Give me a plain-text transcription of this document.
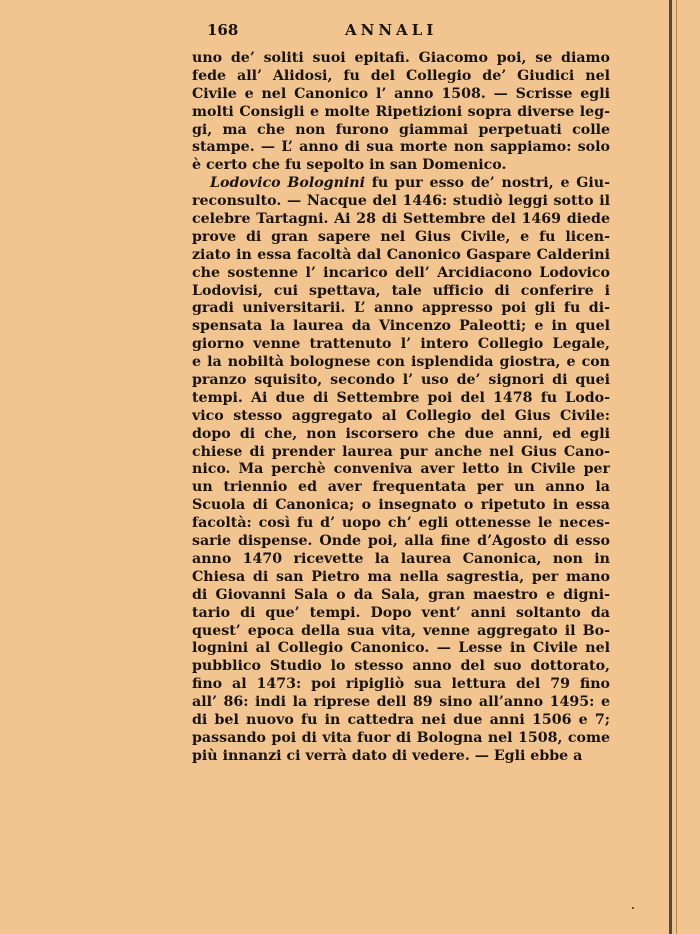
168	ANNALI
uno de’ soliti suoi epitafi. Giacomo poi, se diamo
fede all’ Alidosi, fu del Collegio de’ Giudici nel
Civile e nel Canonico l’ anno 1508. — Scrisse egli
molti Consigli e molte Ripetizioni sopra diverse leg-
gi, ma che non furono giammai perpetuati colle
stampe. — L’ anno di sua morte non sappiamo: solo
è certo che fu sepolto in san Domenico.
Lodovico Bolognini fu pur esso de’ nostri, e Giu-
reconsulto. — Nacque del 1446: studiò leggi sotto il
celebre Tartagni. Ai 28 di Settembre del 1469 diede
prove di gran sapere nel Gius Civile, e fu licen-
ziato in essa facoltà dal Canonico Gaspare Calderini
che sostenne l’ incarico dell’ Arcidiacono Lodovico
Lodovisi, cui spettava, tale ufficio di conferire i
gradi universitarii. L’ anno appresso poi gli fu di-
spensata la laurea da Vincenzo Paleotti; e in quel
giorno venne trattenuto l’ intero Collegio Legale,
e la nobiltà bolognese con isplendida giostra, e con
pranzo squisito, secondo l’ uso de’ signori di quei
tempi. Ai due di Settembre poi del 1478 fu Lodo-
vico stesso aggregato al Collegio del Gius Civile:
dopo di che, non iscorsero che due anni, ed egli
chiese di prender laurea pur anche nel Gius Cano-
nico. Ma perchè conveniva aver letto in Civile per
un triennio ed aver frequentata per un anno la
Scuola di Canonica; o insegnato o ripetuto in essa
facoltà: così fu d’ uopo ch’ egli ottenesse le neces-
sarie dispense. Onde poi, alla fine d’Agosto di esso
anno 1470 ricevette la laurea Canonica, non in
Chiesa di san Pietro ma nella sagrestia, per mano
di Giovanni Sala o da Sala, gran maestro e digni-
tario di que’ tempi. Dopo vent’ anni soltanto da
quest’ epoca della sua vita, venne aggregato il Bo-
lognini al Collegio Canonico. — Lesse in Civile nel
pubblico Studio lo stesso anno del suo dottorato,
fino al 1473: poi ripigliò sua lettura del 79 fino
all’ 86: indi la riprese dell 89 sino all’anno 1495: e
di bel nuovo fu in cattedra nei due anni 1506 e 7;
passando poi di vita fuor di Bologna nel 1508, come
più innanzi ci verrà dato di vedere. — Egli ebbe a
